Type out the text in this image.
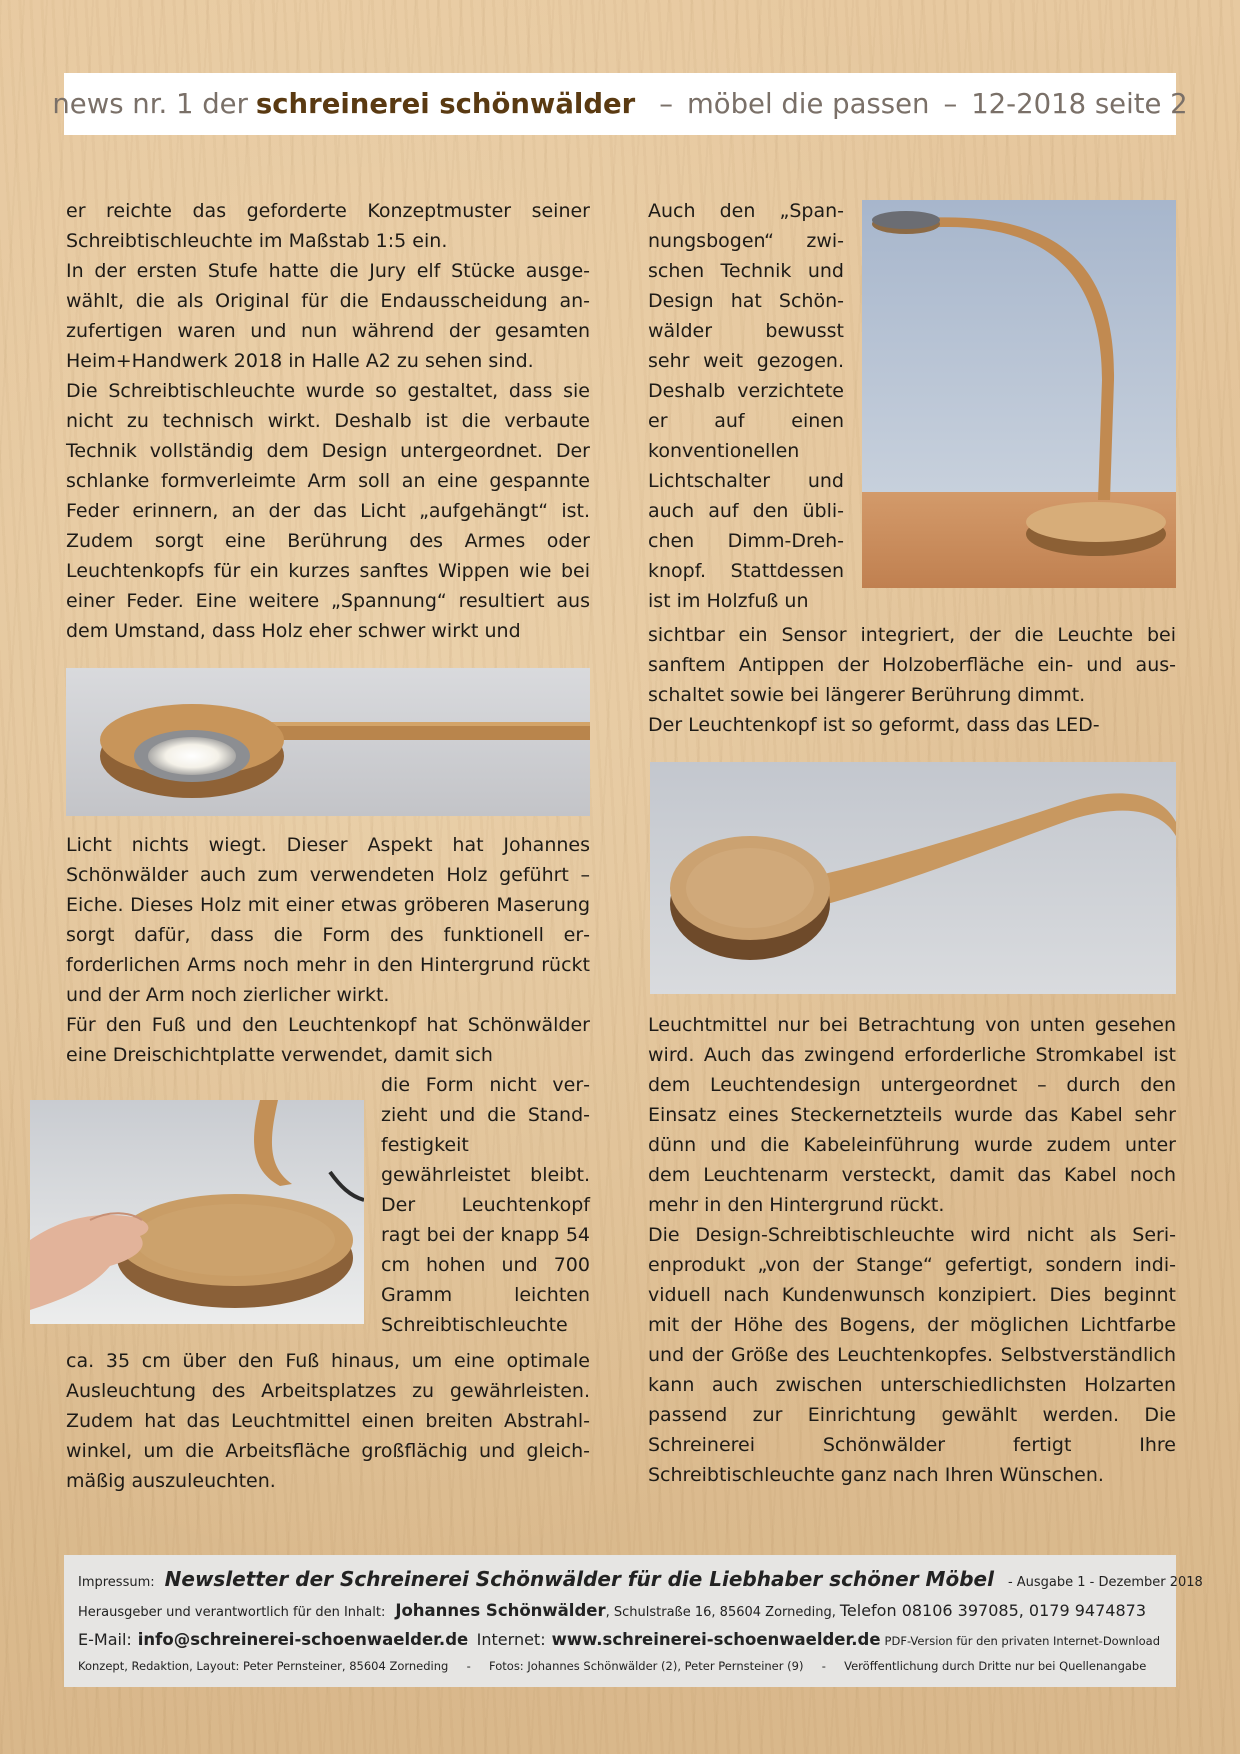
news nr. 1 der schreinerei schönwälder – möbel die passen – 12-2018 seite 2

er reichte das geforderte Konzeptmuster seiner Schreibtischleuchte im Maßstab 1:5 ein.

In der ersten Stufe hatte die Jury elf Stücke ausgewählt, die als Original für die Endausscheidung anzufertigen waren und nun während der gesamten Heim+Handwerk 2018 in Halle A2 zu sehen sind.

Die Schreibtischleuchte wurde so gestaltet, dass sie nicht zu technisch wirkt. Deshalb ist die verbaute Technik vollständig dem Design untergeordnet. Der schlanke formverleimte Arm soll an eine gespannte Feder erinnern, an der das Licht „aufgehängt“ ist. Zudem sorgt eine Berührung des Armes oder Leuchtenkopfs für ein kurzes sanftes Wippen wie bei einer Feder. Eine weitere „Spannung“ resultiert aus dem Umstand, dass Holz eher schwer wirkt und

Licht nichts wiegt. Dieser Aspekt hat Johannes Schönwälder auch zum verwendeten Holz geführt – Eiche. Dieses Holz mit einer etwas gröberen Maserung sorgt dafür, dass die Form des funktionell erforderlichen Arms noch mehr in den Hintergrund rückt und der Arm noch zierlicher wirkt.

Für den Fuß und den Leuchtenkopf hat Schönwälder eine Dreischichtplatte verwendet, damit sich

die Form nicht verzieht und die Standfestigkeit gewährleistet bleibt. Der Leuchtenkopf ragt bei der knapp 54 cm hohen und 700 Gramm leichten Schreibtischleuchte

ca. 35 cm über den Fuß hinaus, um eine optimale Ausleuchtung des Arbeitsplatzes zu gewährleisten. Zudem hat das Leuchtmittel einen breiten Abstrahlwinkel, um die Arbeitsfläche großflächig und gleichmäßig auszuleuchten.

Auch den „Spannungsbogen“ zwischen Technik und Design hat Schönwälder bewusst sehr weit gezogen. Deshalb verzichtete er auf einen konventionellen Lichtschalter und auch auf den üblichen Dimm-Drehknopf. Stattdessen ist im Holzfuß un

sichtbar ein Sensor integriert, der die Leuchte bei sanftem Antippen der Holzoberfläche ein- und ausschaltet sowie bei längerer Berührung dimmt.

Der Leuchtenkopf ist so geformt, dass das LED-

Leuchtmittel nur bei Betrachtung von unten gesehen wird. Auch das zwingend erforderliche Stromkabel ist dem Leuchtendesign untergeordnet – durch den Einsatz eines Steckernetzteils wurde das Kabel sehr dünn und die Kabeleinführung wurde zudem unter dem Leuchtenarm versteckt, damit das Kabel noch mehr in den Hintergrund rückt.

Die Design-Schreibtischleuchte wird nicht als Serienprodukt „von der Stange“ gefertigt, sondern individuell nach Kundenwunsch konzipiert. Dies beginnt mit der Höhe des Bogens, der möglichen Lichtfarbe und der Größe des Leuchtenkopfes. Selbstverständlich kann auch zwischen unterschiedlichsten Holzarten passend zur Einrichtung gewählt werden. Die Schreinerei Schönwälder fertigt Ihre Schreibtischleuchte ganz nach Ihren Wünschen.

Impressum: Newsletter der Schreinerei Schönwälder für die Liebhaber schöner Möbel - Ausgabe 1 - Dezember 2018
Herausgeber und verantwortlich für den Inhalt: Johannes Schönwälder , Schulstraße 16, 85604 Zorneding, Telefon 08106 397085, 0179 9474873
E-Mail: info@schreinerei-schoenwaelder.de Internet: www.schreinerei-schoenwaelder.de PDF-Version für den privaten Internet-Download
Konzept, Redaktion, Layout: Peter Pernsteiner, 85604 Zorneding     -     Fotos: Johannes Schönwälder (2), Peter Pernsteiner (9)     -     Veröffentlichung durch Dritte nur bei Quellenangabe
